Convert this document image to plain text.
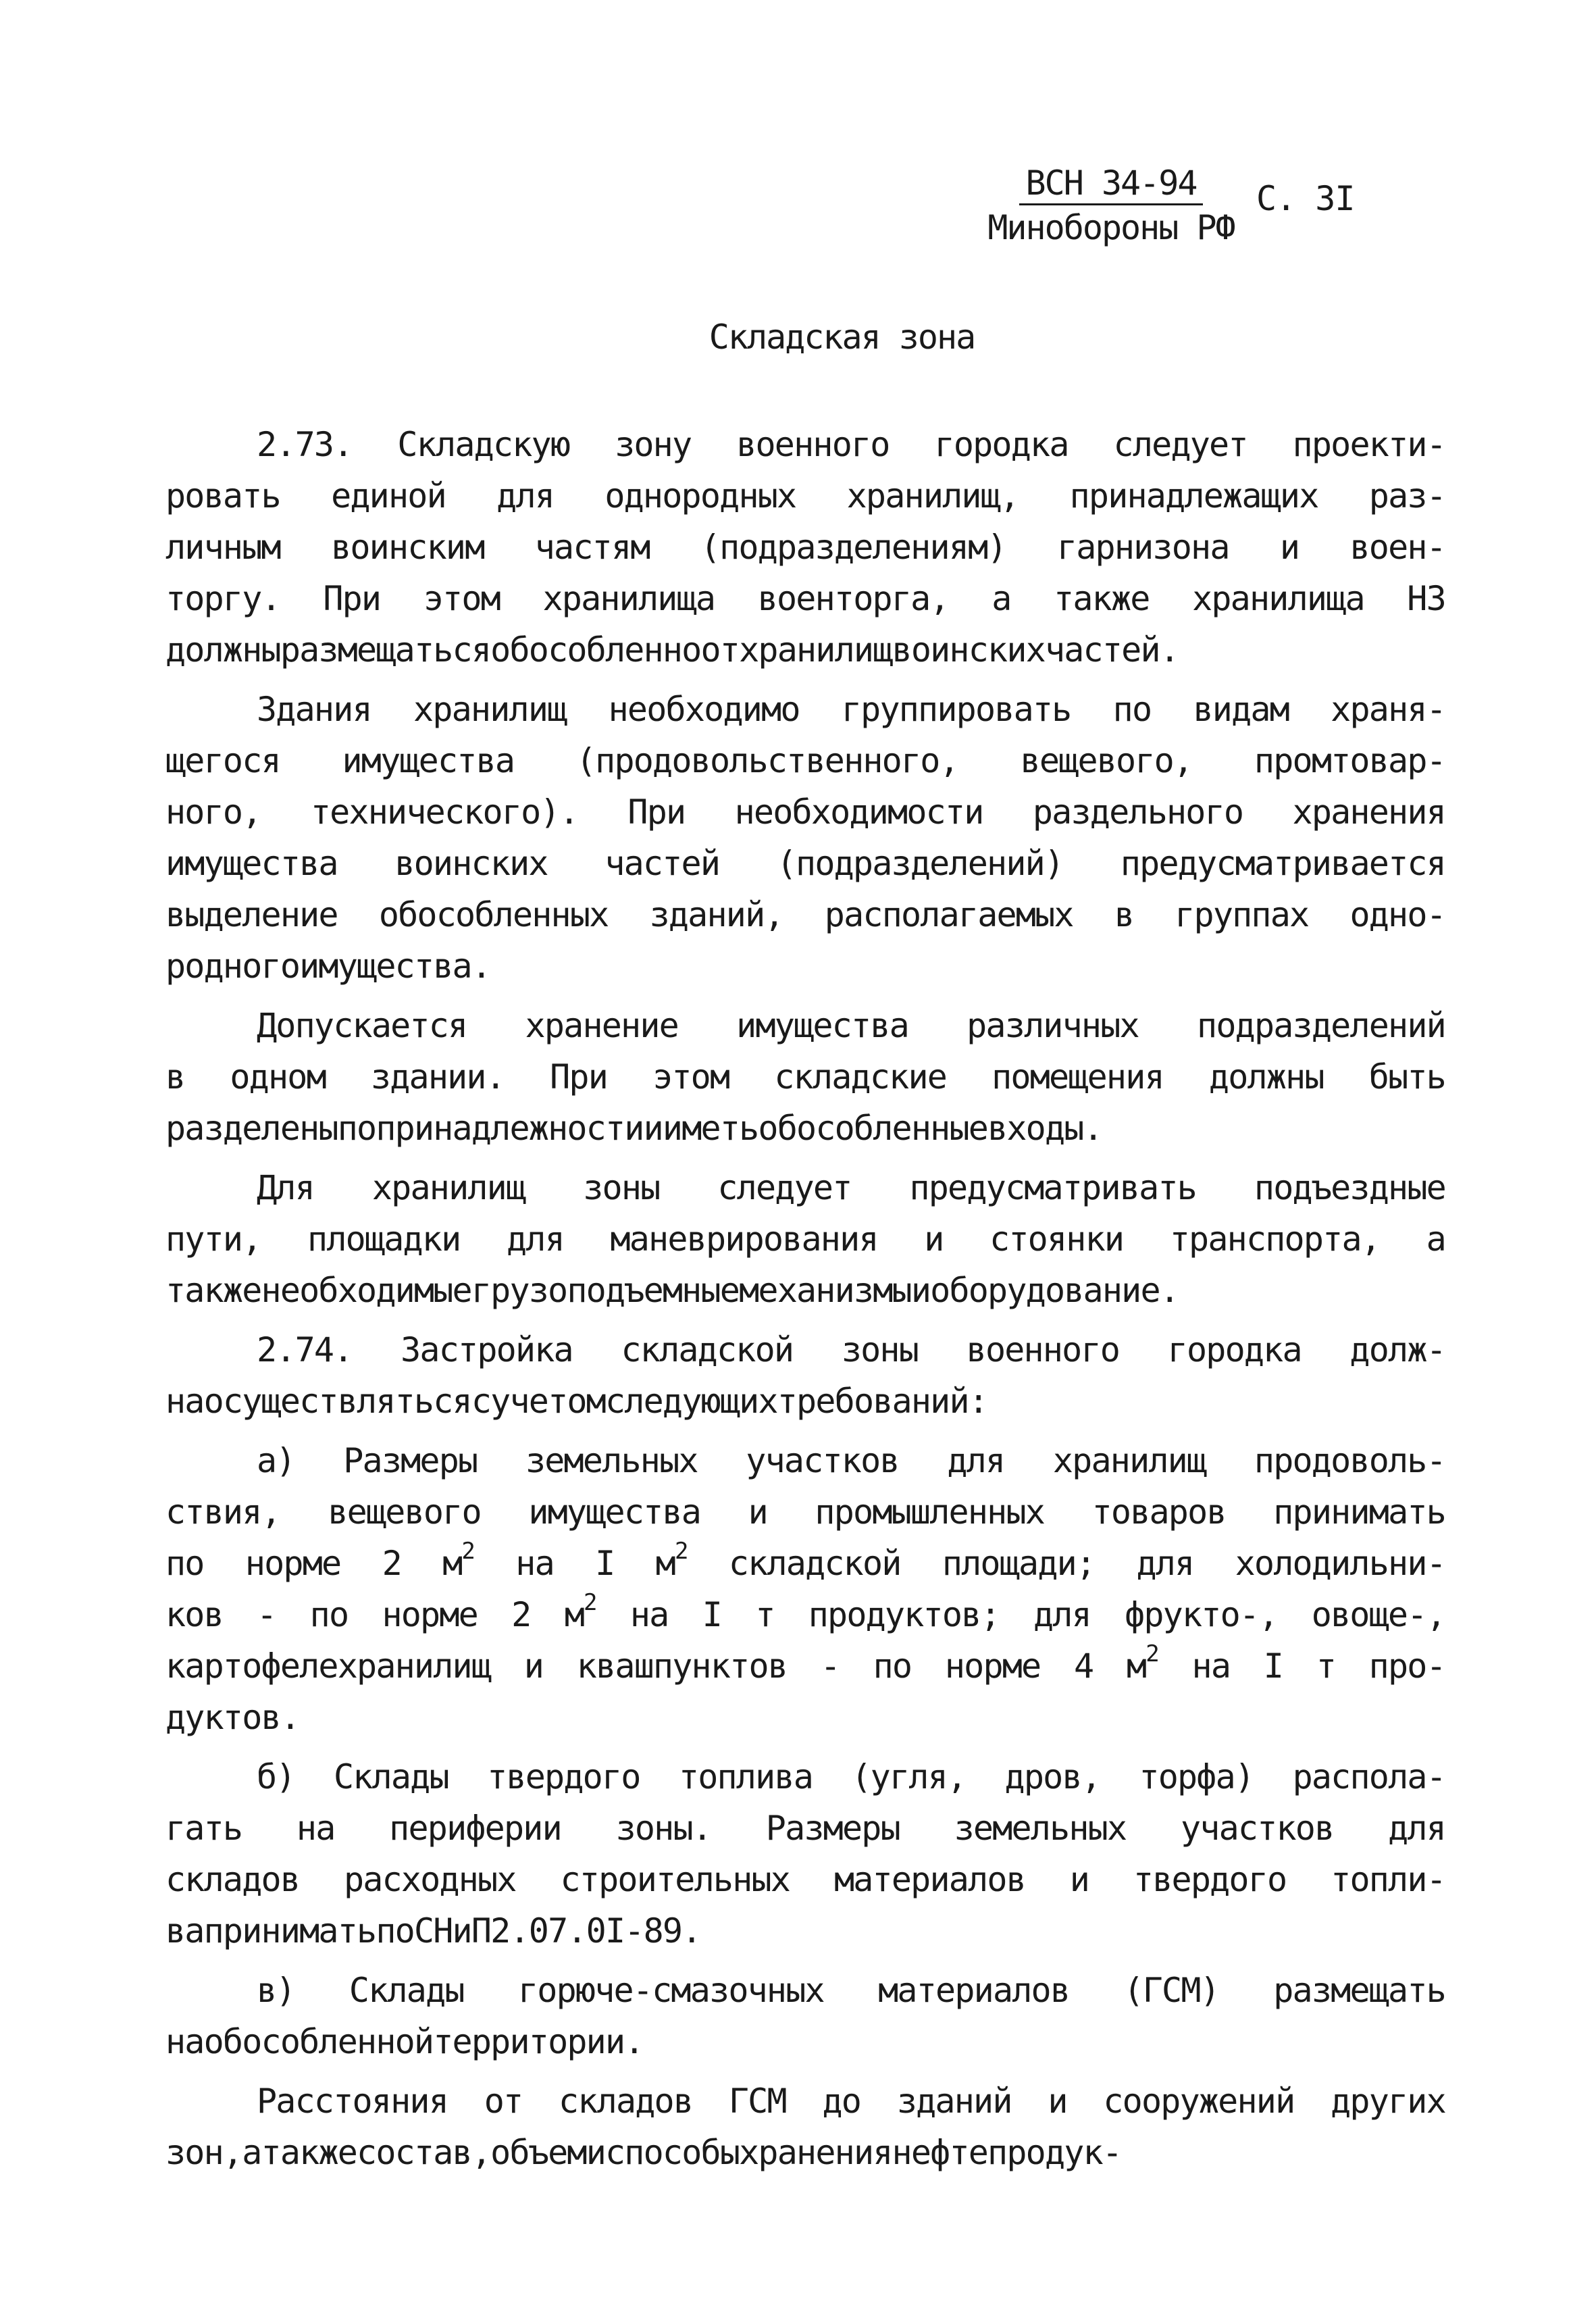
ВСН 34-94
Минобороны РФ
С. 3I
Складская зона
2.73. Складскую зону военного городка следует проекти-
ровать единой для однородных хранилищ, принадлежащих раз-
личным воинским частям (подразделениям) гарнизона и воен-
торгу. При этом хранилища военторга, а также хранилища НЗ
должны размещаться обособленно от хранилищ воинских частей.
Здания хранилищ необходимо группировать по видам храня-
щегося имущества (продовольственного, вещевого, промтовар-
ного, технического). При необходимости раздельного хранения
имущества воинских частей (подразделений) предусматривается
выделение обособленных зданий, располагаемых в группах одно-
родного имущества.
Допускается хранение имущества различных подразделений
в одном здании. При этом складские помещения должны быть
разделены по принадлежности и иметь обособленные входы.
Для хранилищ зоны следует предусматривать подъездные
пути, площадки для маневрирования и стоянки транспорта, а
также необходимые грузоподъемные механизмы и оборудование.
2.74. Застройка складской зоны военного городка долж-
на осуществляться с учетом следующих требований:
а) Размеры земельных участков для хранилищ продоволь-
ствия, вещевого имущества и промышленных товаров принимать
по норме 2 $м^2$ на I $м^2$ складской площади; для холодильни-
ков - по норме 2 $м^2$ на I т продуктов; для фрукто-, овоще-,
картофелехранилищ и квашпунктов - по норме 4 $м^2$ на I т про-
дуктов.
б) Склады твердого топлива (угля, дров, торфа) распола-
гать на периферии зоны. Размеры земельных участков для
складов расходных строительных материалов и твердого топли-
ва принимать по СНиП 2.07.0I-89.
в) Склады горюче-смазочных материалов (ГСМ) размещать
на обособленной территории.
Расстояния от складов ГСМ до зданий и сооружений других
зон, а также состав, объем и способы хранения нефтепродук-
